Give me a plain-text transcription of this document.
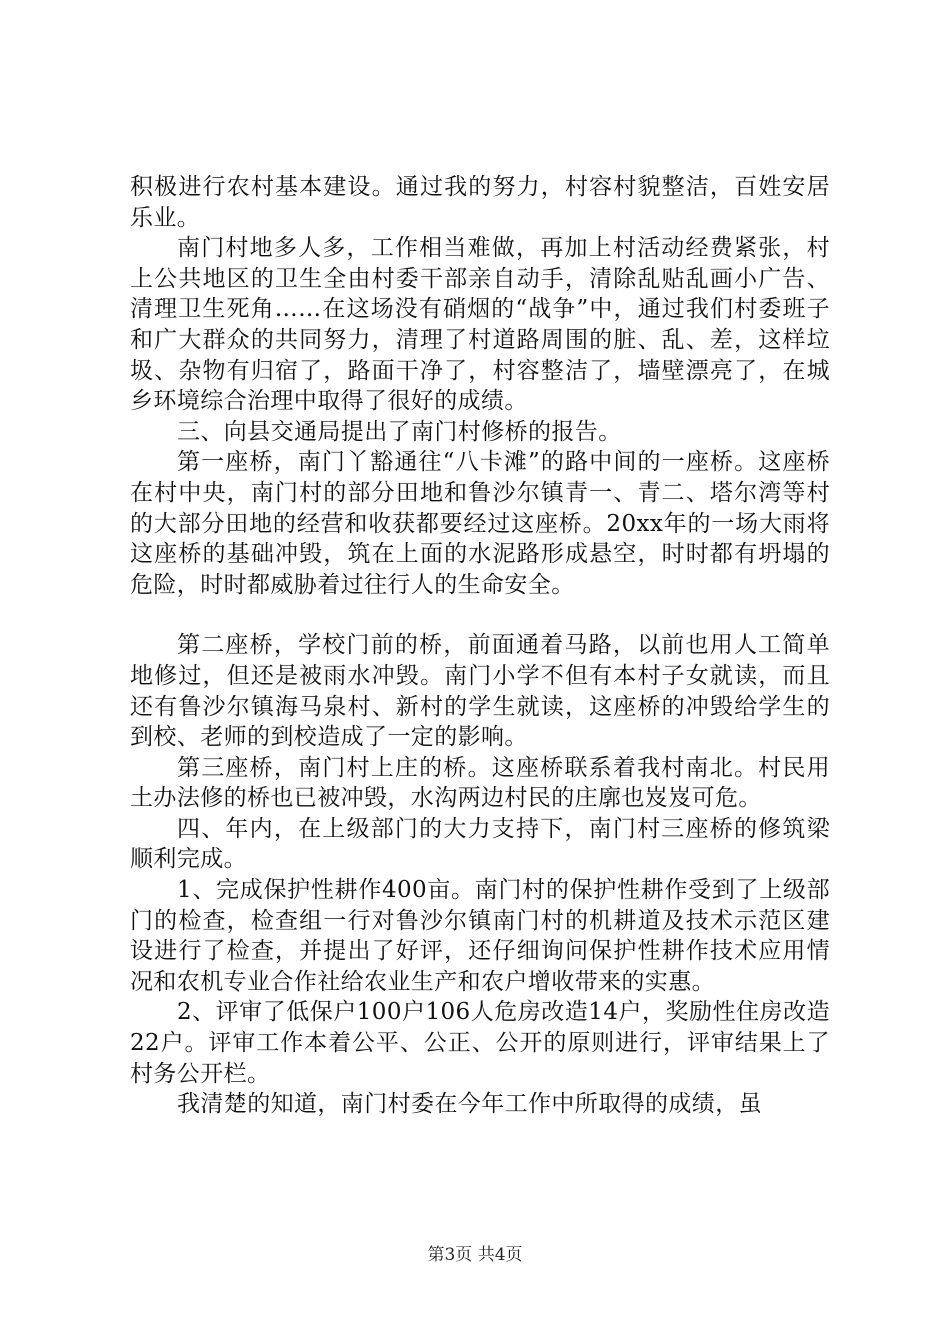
积极进行农村基本建设。通过我的努力，村容村貌整洁，百姓安居乐业。

南门村地多人多，工作相当难做，再加上村活动经费紧张，村上公共地区的卫生全由村委干部亲自动手，清除乱贴乱画小广告、清理卫生死角……在这场没有硝烟的“战争”中，通过我们村委班子和广大群众的共同努力，清理了村道路周围的脏、乱、差，这样垃圾、杂物有归宿了，路面干净了，村容整洁了，墙壁漂亮了，在城乡环境综合治理中取得了很好的成绩。

三、向县交通局提出了南门村修桥的报告。

第一座桥，南门丫豁通往“八卡滩”的路中间的一座桥。这座桥在村中央，南门村的部分田地和鲁沙尔镇青一、青二、塔尔湾等村的大部分田地的经营和收获都要经过这座桥。20xx年的一场大雨将这座桥的基础冲毁，筑在上面的水泥路形成悬空，时时都有坍塌的危险，时时都威胁着过往行人的生命安全。

第二座桥，学校门前的桥，前面通着马路，以前也用人工简单地修过，但还是被雨水冲毁。南门小学不但有本村子女就读，而且还有鲁沙尔镇海马泉村、新村的学生就读，这座桥的冲毁给学生的到校、老师的到校造成了一定的影响。

第三座桥，南门村上庄的桥。这座桥联系着我村南北。村民用土办法修的桥也已被冲毁，水沟两边村民的庄廓也岌岌可危。

四、年内，在上级部门的大力支持下，南门村三座桥的修筑梁顺利完成。

1、完成保护性耕作400亩。南门村的保护性耕作受到了上级部门的检查，检查组一行对鲁沙尔镇南门村的机耕道及技术示范区建设进行了检查，并提出了好评，还仔细询问保护性耕作技术应用情况和农机专业合作社给农业生产和农户增收带来的实惠。

2、评审了低保户100户106人危房改造14户，奖励性住房改造22户。评审工作本着公平、公正、公开的原则进行，评审结果上了村务公开栏。

我清楚的知道，南门村委在今年工作中所取得的成绩，虽

第3页 共4页
